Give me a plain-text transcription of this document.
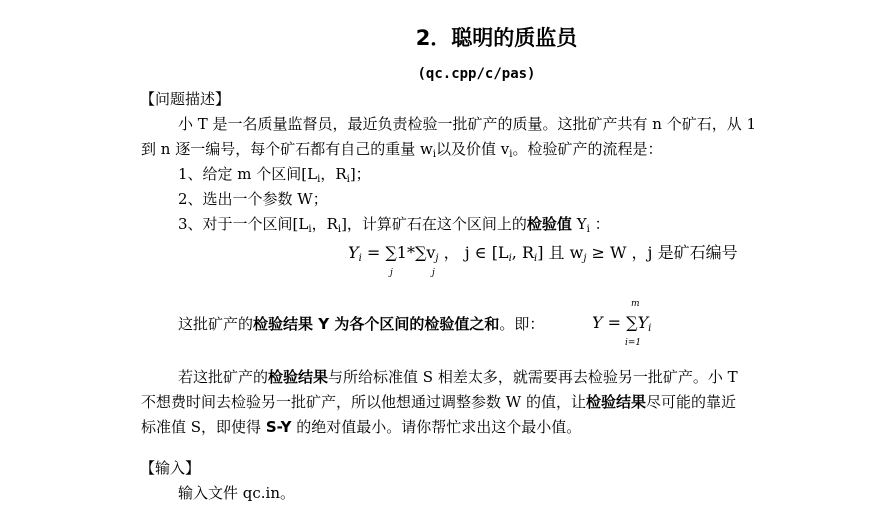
2．聪明的质监员
(qc.cpp/c/pas)
【问题描述】
小 T 是一名质量监督员，最近负责检验一批矿产的质量。这批矿产共有 n 个矿石，从 1
到 n 逐一编号，每个矿石都有自己的重量 $w_i$以及价值 $v_i$。检验矿产的流程是：
1、给定 m 个区间[$L_i$，$R_i$]；
2、选出一个参数 W；
3、对于一个区间[$L_i$，$R_i$]，计算矿石在这个区间上的检验值 $Y_i$ ：
$Y_i = \sum 1*\sum v_j$ ， j ∈ [$L_i$, $R_i$] 且 $w_j \ge W$ ，j 是矿石编号
j	j
这批矿产的检验结果 Y 为各个区间的检验值之和。即：
m
$Y = \sum Y_i$
i=1
若这批矿产的检验结果与所给标准值 S 相差太多，就需要再去检验另一批矿产。小 T
不想费时间去检验另一批矿产，所以他想通过调整参数 W 的值，让检验结果尽可能的靠近
标准值 S，即使得 S-Y 的绝对值最小。请你帮忙求出这个最小值。
【输入】
输入文件 qc.in。
